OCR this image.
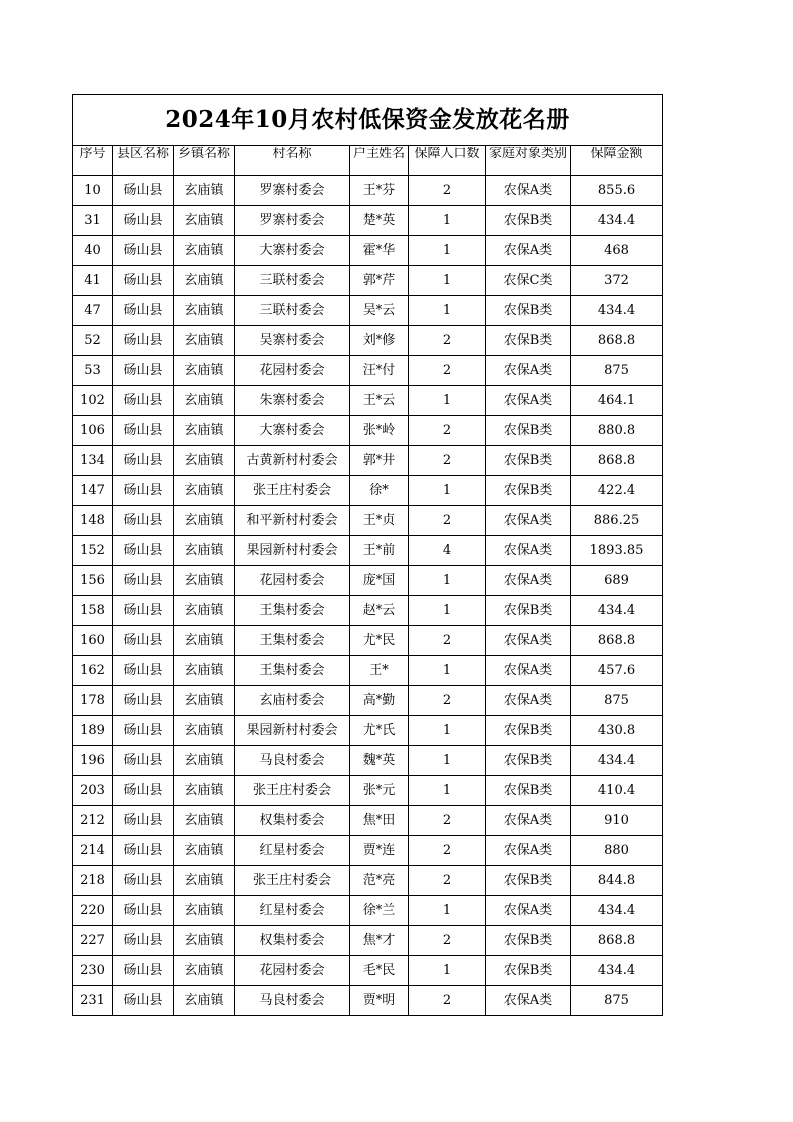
2024年10月农村低保资金发放花名册							

序号	县区名称	乡镇名称	村名称	户主姓名	保障人口数	家庭对象类别	保障金额

10	砀山县	玄庙镇	罗寨村委会	王*芬	2	农保A类	855.6
31	砀山县	玄庙镇	罗寨村委会	楚*英	1	农保B类	434.4
40	砀山县	玄庙镇	大寨村委会	霍*华	1	农保A类	468
41	砀山县	玄庙镇	三联村委会	郭*芹	1	农保C类	372
47	砀山县	玄庙镇	三联村委会	吴*云	1	农保B类	434.4
52	砀山县	玄庙镇	吴寨村委会	刘*修	2	农保B类	868.8
53	砀山县	玄庙镇	花园村委会	汪*付	2	农保A类	875
102	砀山县	玄庙镇	朱寨村委会	王*云	1	农保A类	464.1
106	砀山县	玄庙镇	大寨村委会	张*岭	2	农保B类	880.8
134	砀山县	玄庙镇	古黄新村村委会	郭*井	2	农保B类	868.8
147	砀山县	玄庙镇	张王庄村委会	徐*	1	农保B类	422.4
148	砀山县	玄庙镇	和平新村村委会	王*贞	2	农保A类	886.25
152	砀山县	玄庙镇	果园新村村委会	王*前	4	农保A类	1893.85
156	砀山县	玄庙镇	花园村委会	庞*国	1	农保A类	689
158	砀山县	玄庙镇	王集村委会	赵*云	1	农保B类	434.4
160	砀山县	玄庙镇	王集村委会	尤*民	2	农保A类	868.8
162	砀山县	玄庙镇	王集村委会	王*	1	农保A类	457.6
178	砀山县	玄庙镇	玄庙村委会	高*勤	2	农保A类	875
189	砀山县	玄庙镇	果园新村村委会	尤*氏	1	农保B类	430.8
196	砀山县	玄庙镇	马良村委会	魏*英	1	农保B类	434.4
203	砀山县	玄庙镇	张王庄村委会	张*元	1	农保B类	410.4
212	砀山县	玄庙镇	权集村委会	焦*田	2	农保A类	910
214	砀山县	玄庙镇	红星村委会	贾*连	2	农保A类	880
218	砀山县	玄庙镇	张王庄村委会	范*亮	2	农保B类	844.8
220	砀山县	玄庙镇	红星村委会	徐*兰	1	农保A类	434.4
227	砀山县	玄庙镇	权集村委会	焦*才	2	农保B类	868.8
230	砀山县	玄庙镇	花园村委会	毛*民	1	农保B类	434.4
231	砀山县	玄庙镇	马良村委会	贾*明	2	农保A类	875
